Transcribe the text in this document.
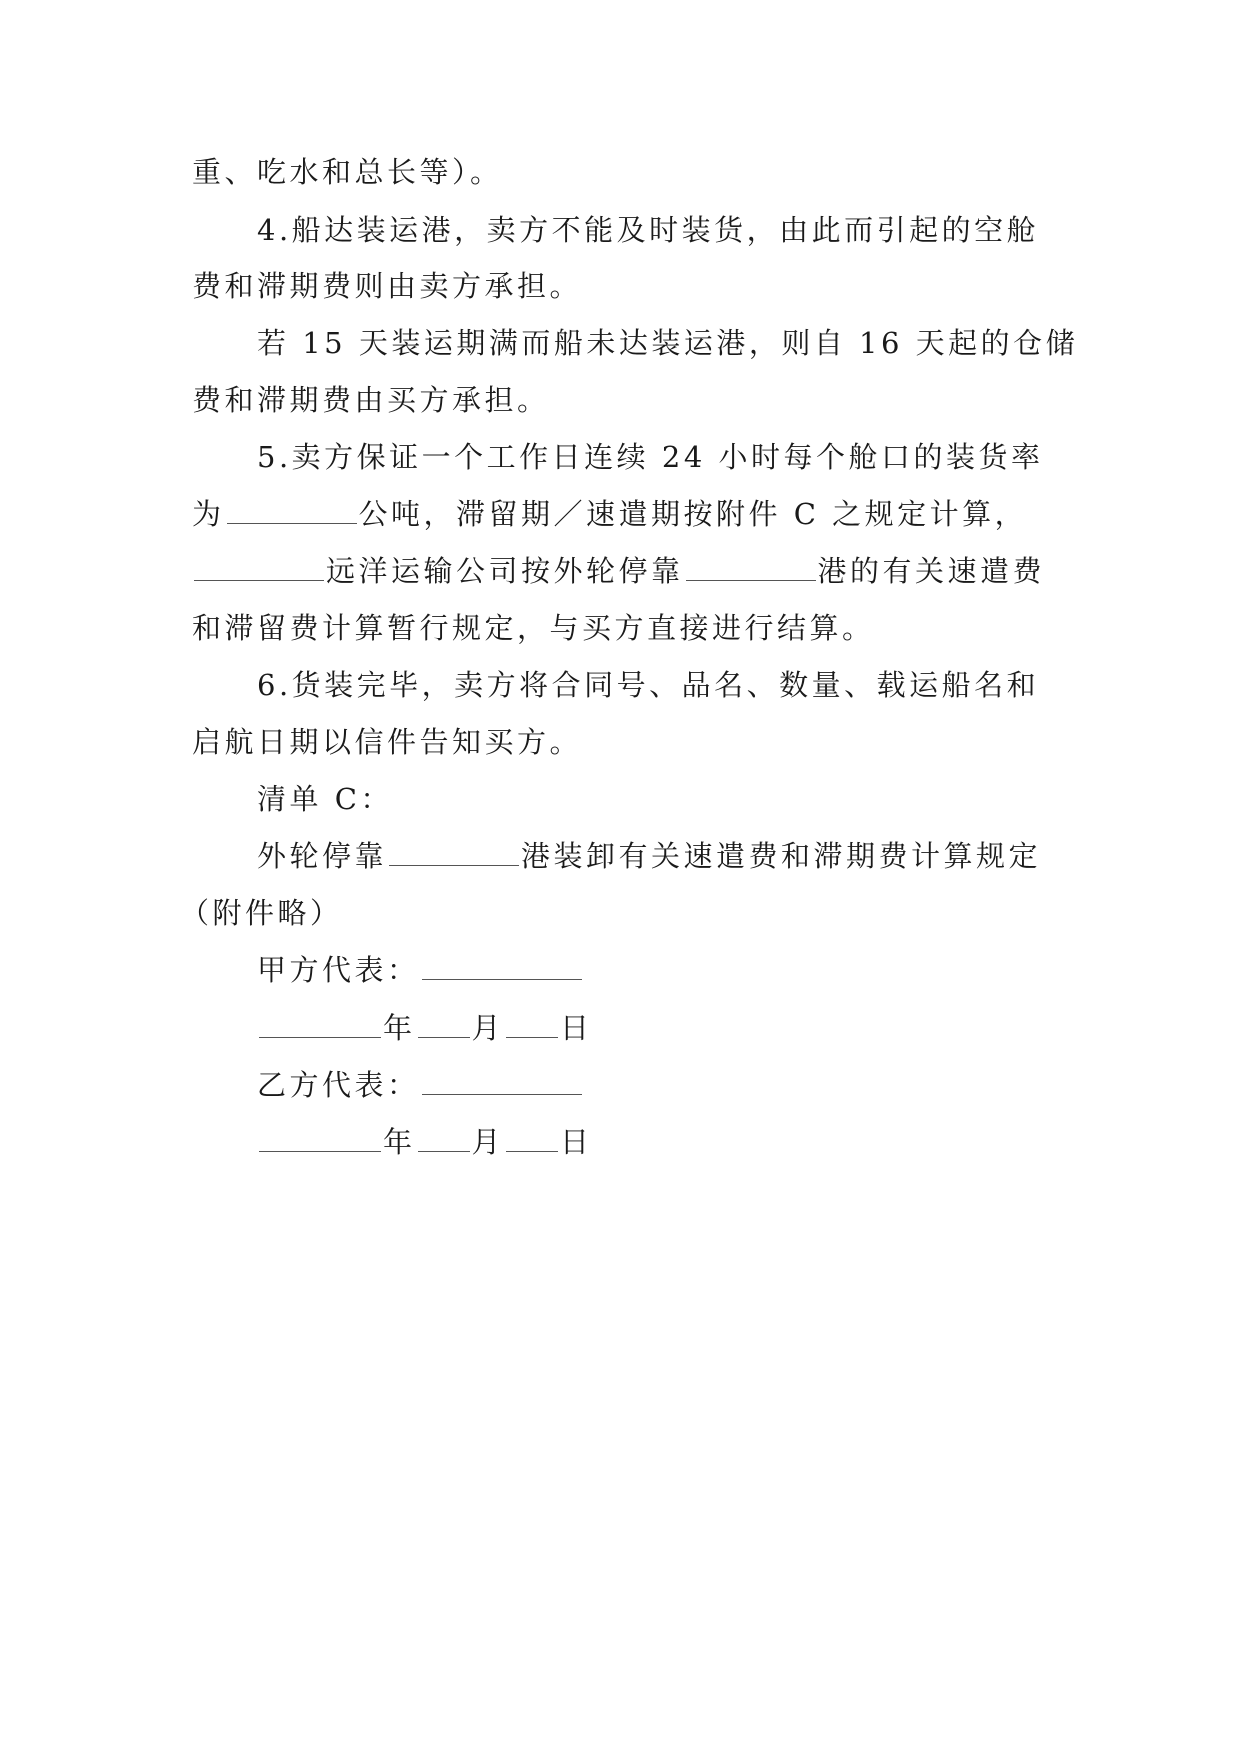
重、吃水和总长等）。
4.船达装运港，卖方不能及时装货，由此而引起的空舱
费和滞期费则由卖方承担。
若 15 天装运期满而船未达装运港，则自 16 天起的仓储
费和滞期费由买方承担。
5.卖方保证一个工作日连续 24 小时每个舱口的装货率
为	公吨，滞留期／速遣期按附件 C 之规定计算，
远洋运输公司按外轮停靠	港的有关速遣费
和滞留费计算暂行规定，与买方直接进行结算。
6.货装完毕，卖方将合同号、品名、数量、载运船名和
启航日期以信件告知买方。
清单 C：
外轮停靠	港装卸有关速遣费和滞期费计算规定
（附件略）
甲方代表：
年 月 日
乙方代表：
年 月 日
